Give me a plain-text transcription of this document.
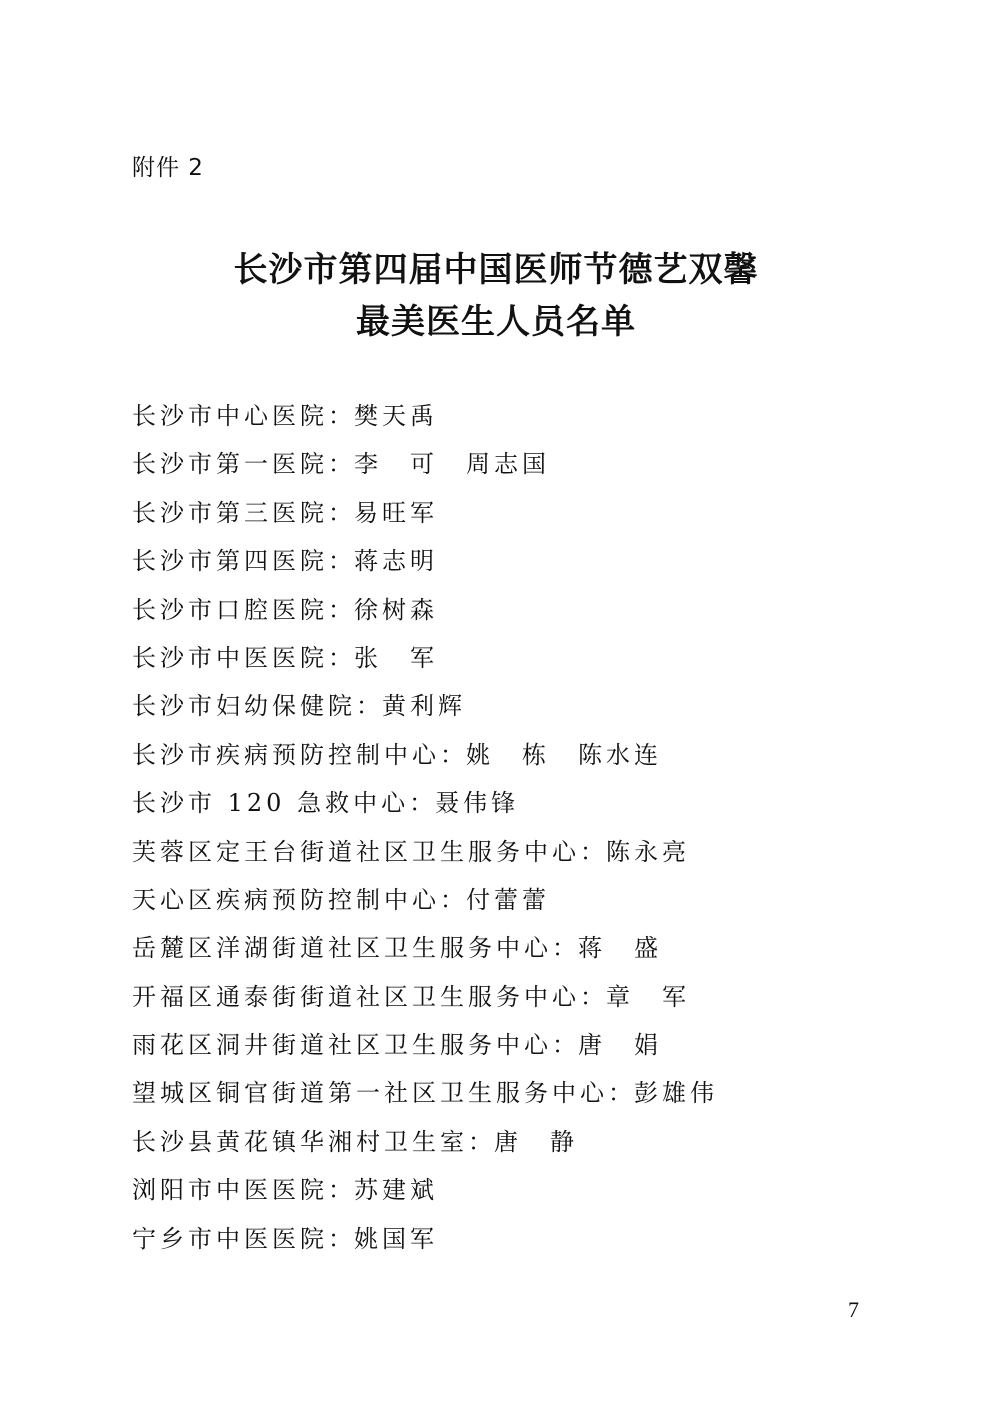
附件 2
长沙市第四届中国医师节德艺双馨
最美医生人员名单
长沙市中心医院：樊天禹
长沙市第一医院：李　可　周志国
长沙市第三医院：易旺军
长沙市第四医院：蒋志明
长沙市口腔医院：徐树森
长沙市中医医院：张　军
长沙市妇幼保健院：黄利辉
长沙市疾病预防控制中心：姚　栋　陈水连
长沙市 120 急救中心：聂伟锋
芙蓉区定王台街道社区卫生服务中心：陈永亮
天心区疾病预防控制中心：付蕾蕾
岳麓区洋湖街道社区卫生服务中心：蒋　盛
开福区通泰街街道社区卫生服务中心：章　军
雨花区洞井街道社区卫生服务中心：唐　娟
望城区铜官街道第一社区卫生服务中心：彭雄伟
长沙县黄花镇华湘村卫生室：唐　静
浏阳市中医医院：苏建斌
宁乡市中医医院：姚国军
7
